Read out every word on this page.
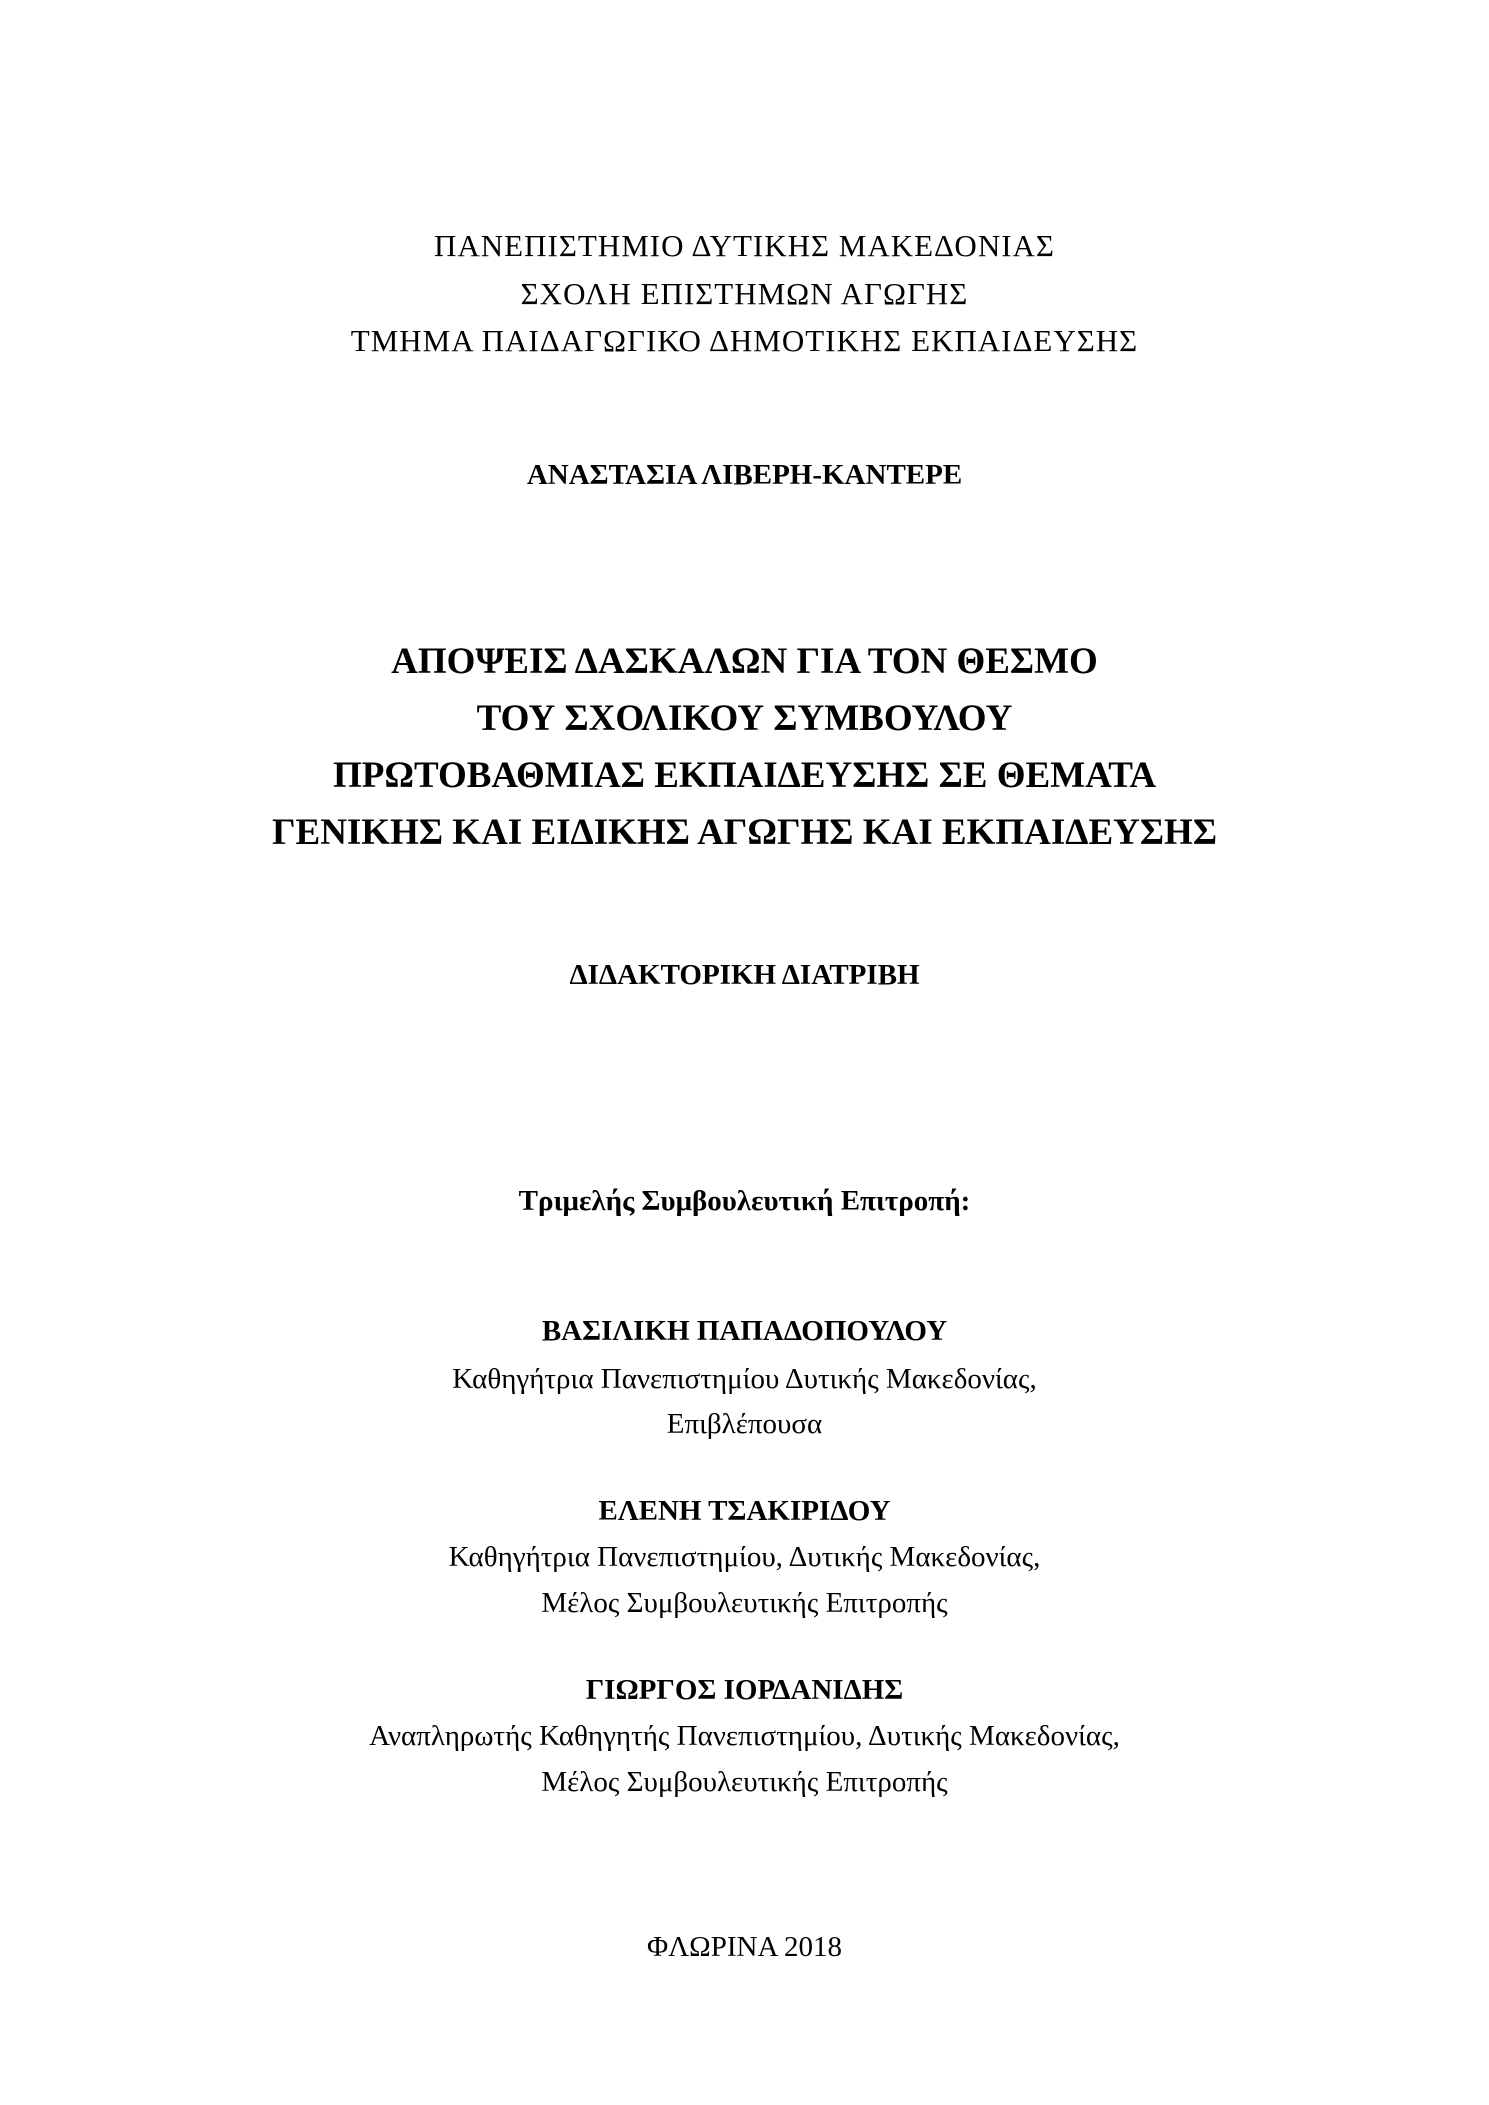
ΠΑΝΕΠΙΣΤΗΜΙΟ ΔΥΤΙΚΗΣ ΜΑΚΕΔΟΝΙΑΣ
ΣΧΟΛΗ ΕΠΙΣΤΗΜΩΝ ΑΓΩΓΗΣ
ΤΜΗΜΑ ΠΑΙΔΑΓΩΓΙΚΟ ΔΗΜΟΤΙΚΗΣ ΕΚΠΑΙΔΕΥΣΗΣ
ΑΝΑΣΤΑΣΙΑ ΛΙΒΕΡΗ-ΚΑΝΤΕΡΕ
ΑΠΟΨΕΙΣ ΔΑΣΚΑΛΩΝ ΓΙΑ ΤΟΝ ΘΕΣΜΟ
ΤΟΥ ΣΧΟΛΙΚΟΥ ΣΥΜΒΟΥΛΟΥ
ΠΡΩΤΟΒΑΘΜΙΑΣ ΕΚΠΑΙΔΕΥΣΗΣ ΣΕ ΘΕΜΑΤΑ
ΓΕΝΙΚΗΣ ΚΑΙ ΕΙΔΙΚΗΣ ΑΓΩΓΗΣ ΚΑΙ ΕΚΠΑΙΔΕΥΣΗΣ
ΔΙΔΑΚΤΟΡΙΚΗ ΔΙΑΤΡΙΒΗ
Τριμελής Συμβουλευτική Επιτροπή:
ΒΑΣΙΛΙΚΗ ΠΑΠΑΔΟΠΟΥΛΟΥ
Καθηγήτρια Πανεπιστημίου Δυτικής Μακεδονίας,
Επιβλέπουσα
ΕΛΕΝΗ ΤΣΑΚΙΡΙΔΟΥ
Καθηγήτρια Πανεπιστημίου, Δυτικής Μακεδονίας,
Μέλος Συμβουλευτικής Επιτροπής
ΓΙΩΡΓΟΣ ΙΟΡΔΑΝΙΔΗΣ
Αναπληρωτής Καθηγητής Πανεπιστημίου, Δυτικής Μακεδονίας,
Μέλος Συμβουλευτικής Επιτροπής
ΦΛΩΡΙΝΑ 2018
